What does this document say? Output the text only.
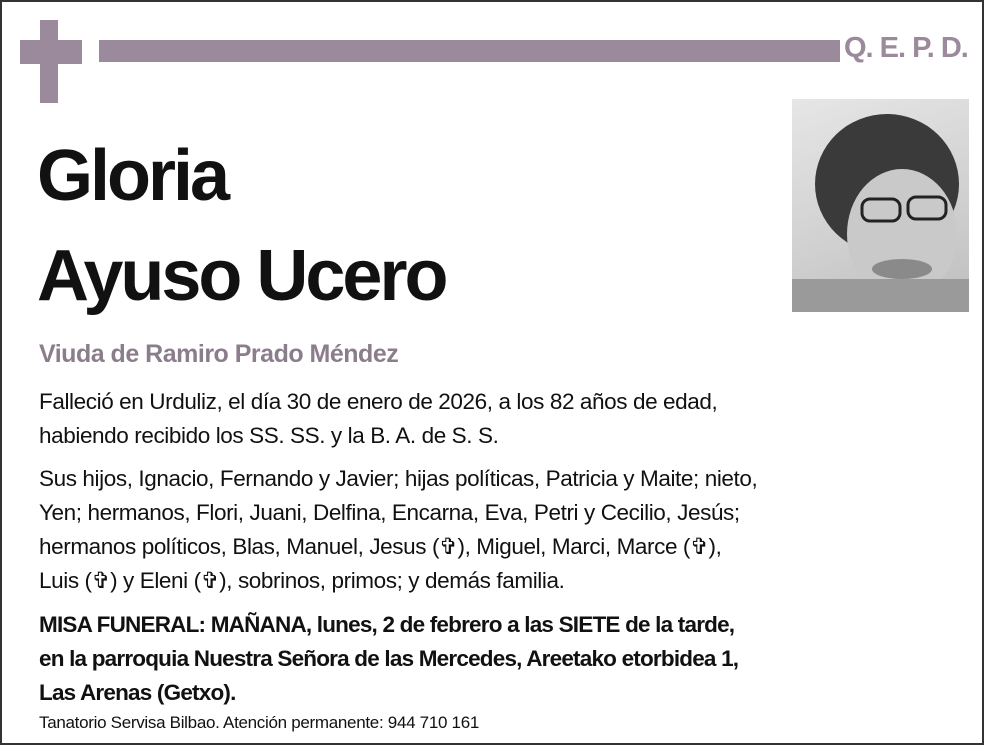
Q. E. P. D.
Gloria
Ayuso Ucero
Viuda de Ramiro Prado Méndez
Falleció en Urduliz, el día 30 de enero de 2026, a los 82 años de edad,
habiendo recibido los SS. SS. y la B. A. de S. S.
Sus hijos, Ignacio, Fernando y Javier; hijas políticas, Patricia y Maite; nieto,
Yen; hermanos, Flori, Juani, Delfina, Encarna, Eva, Petri y Cecilio, Jesús;
hermanos políticos, Blas, Manuel, Jesus (✞), Miguel, Marci, Marce (✞),
Luis (✞) y Eleni (✞), sobrinos, primos; y demás familia.
MISA FUNERAL: MAÑANA, lunes, 2 de febrero a las SIETE de la tarde,
en la parroquia Nuestra Señora de las Mercedes, Areetako etorbidea 1,
Las Arenas (Getxo).
Tanatorio Servisa Bilbao. Atención permanente: 944 710 161
